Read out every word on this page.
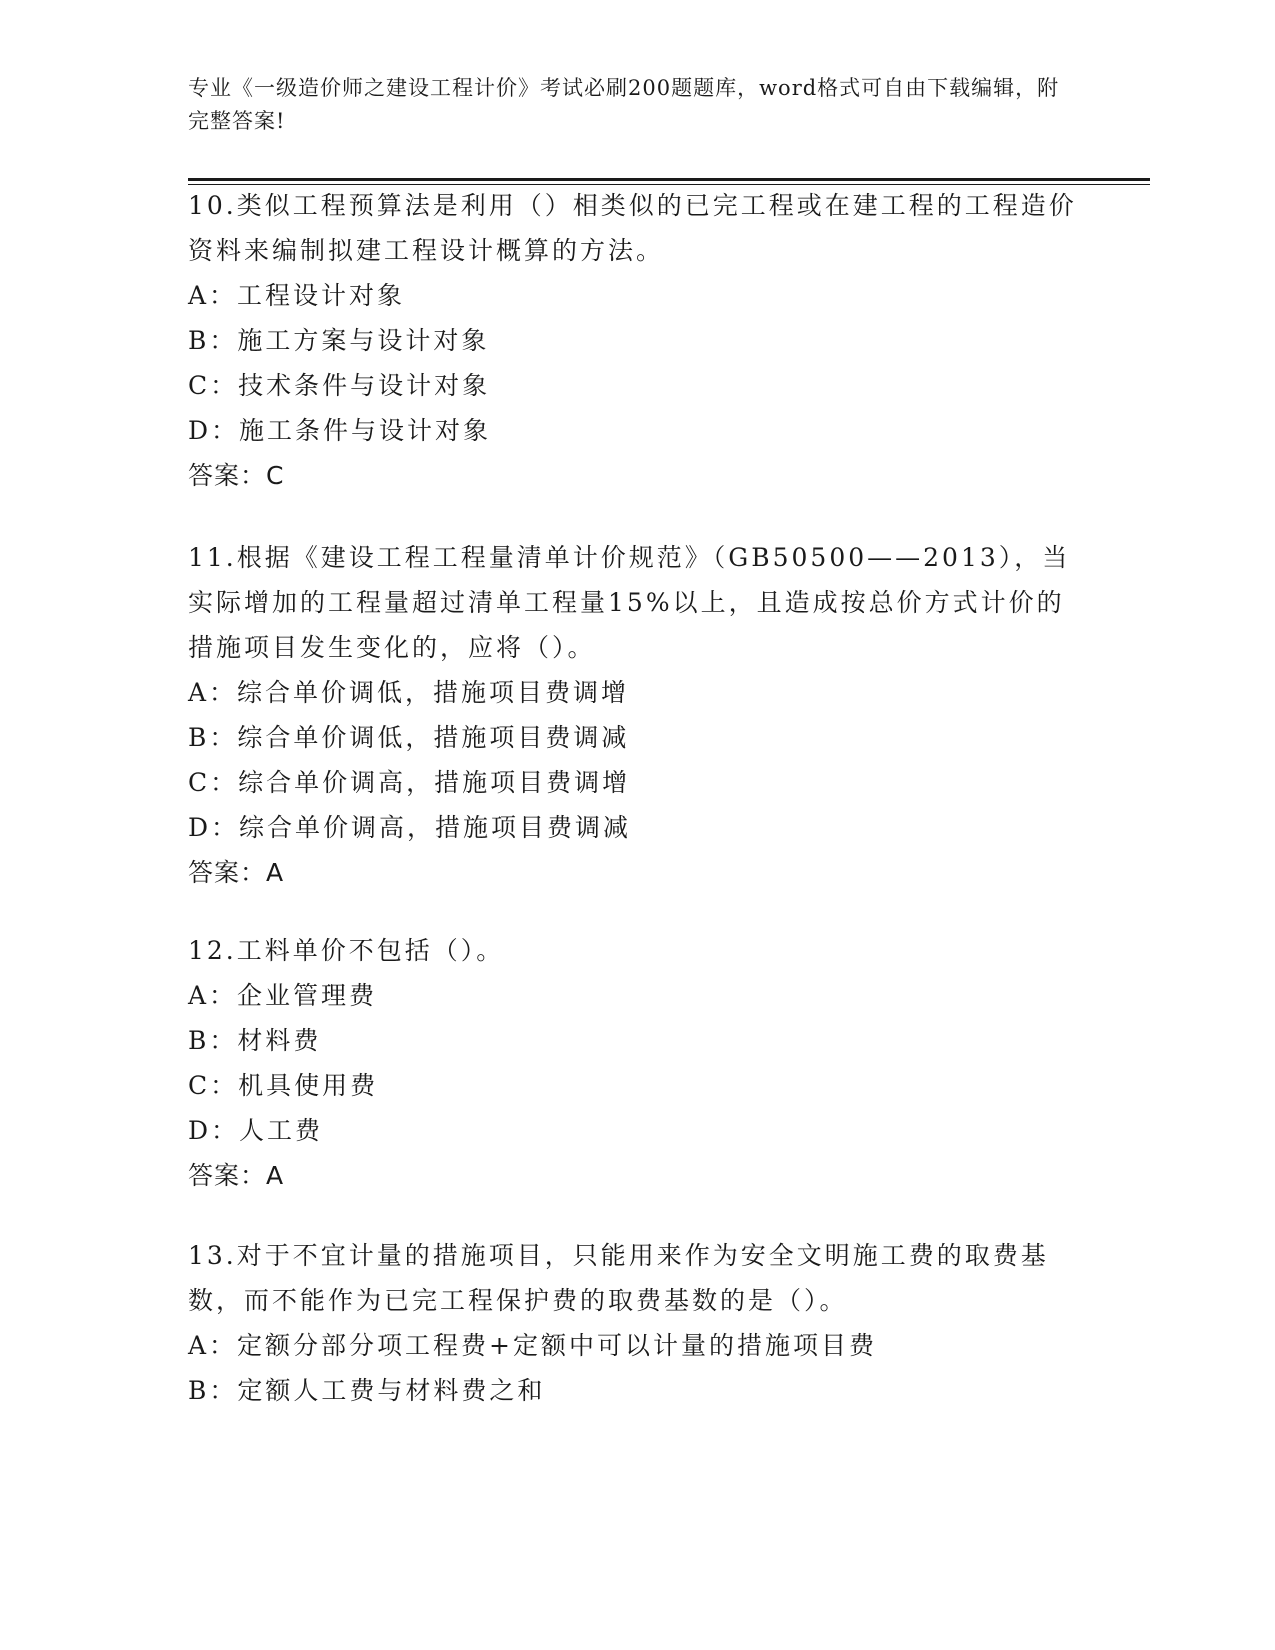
专业《一级造价师之建设工程计价》考试必刷200题题库，word格式可自由下载编辑，附完整答案!

10.类似工程预算法是利用（）相类似的已完工程或在建工程的工程造价资料来编制拟建工程设计概算的方法。

A：工程设计对象

B：施工方案与设计对象

C：技术条件与设计对象

D：施工条件与设计对象

答案：C

11.根据《建设工程工程量清单计价规范》（GB50500——2013），当实际增加的工程量超过清单工程量15%以上，且造成按总价方式计价的措施项目发生变化的，应将（）。

A：综合单价调低，措施项目费调增

B：综合单价调低，措施项目费调减

C：综合单价调高，措施项目费调增

D：综合单价调高，措施项目费调减

答案：A

12.工料单价不包括（）。

A：企业管理费

B：材料费

C：机具使用费

D：人工费

答案：A

13.对于不宜计量的措施项目，只能用来作为安全文明施工费的取费基数，而不能作为已完工程保护费的取费基数的是（）。

A：定额分部分项工程费+定额中可以计量的措施项目费

B：定额人工费与材料费之和
